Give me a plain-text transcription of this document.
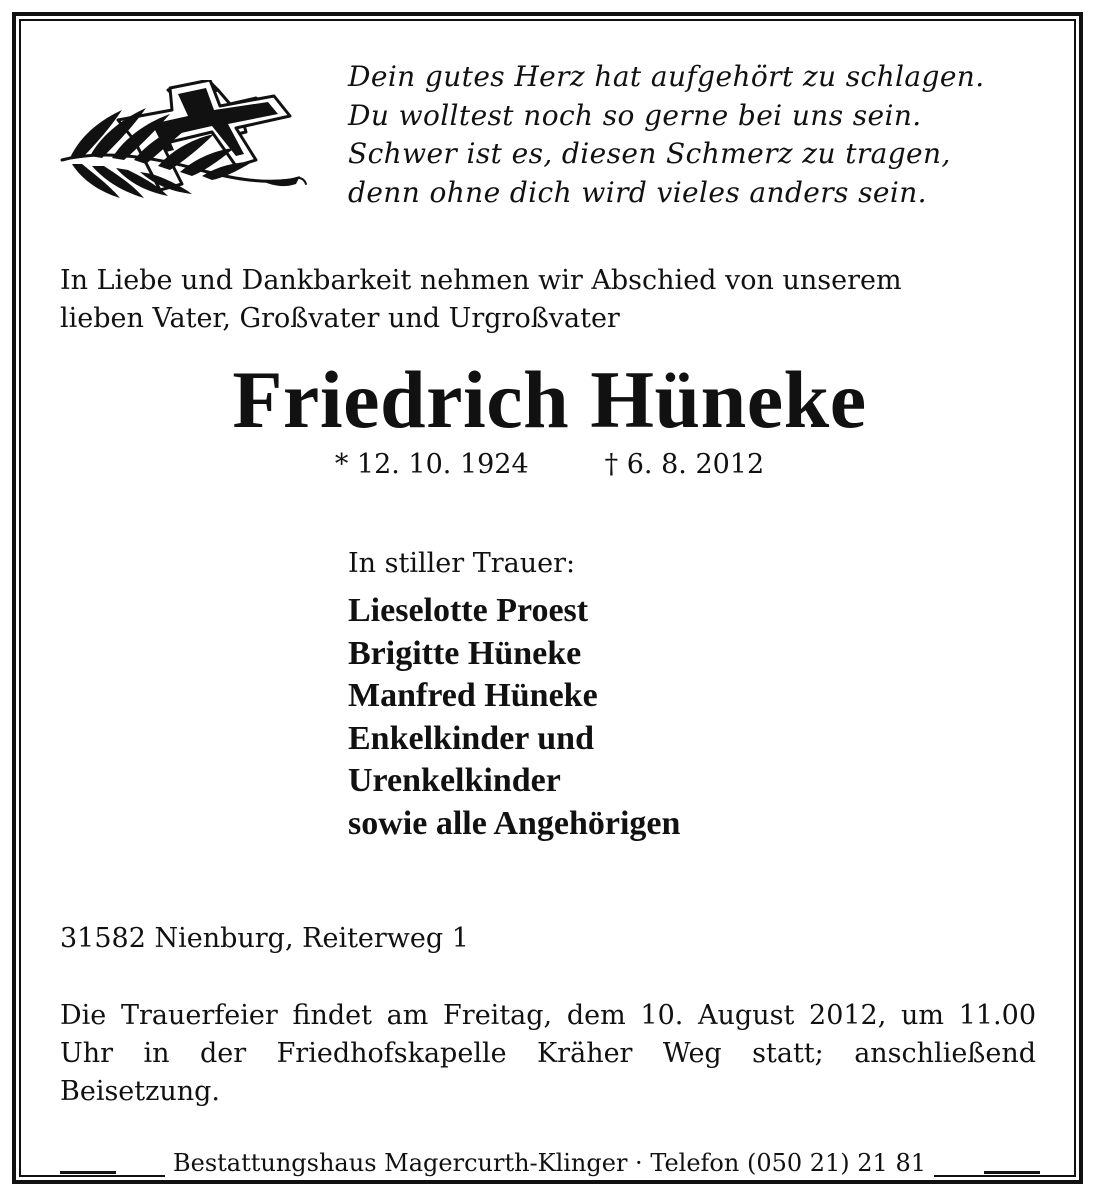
Dein gutes Herz hat aufgehört zu schlagen.
Du wolltest noch so gerne bei uns sein.
Schwer ist es, diesen Schmerz zu tragen,
denn ohne dich wird vieles anders sein.
In Liebe und Dankbarkeit nehmen wir Abschied von unserem
lieben Vater, Großvater und Urgroßvater
Friedrich Hüneke
* 12. 10. 1924	† 6. 8. 2012
In stiller Trauer:
Lieselotte Proest
Brigitte Hüneke
Manfred Hüneke
Enkelkinder und
Urenkelkinder
sowie alle Angehörigen
31582 Nienburg, Reiterweg 1
Die Trauerfeier findet am Freitag, dem 10. August 2012, um 11.00 Uhr in der Friedhofskapelle Kräher Weg statt; anschließend Beisetzung.
Bestattungshaus Magercurth-Klinger · Telefon (050 21) 21 81
